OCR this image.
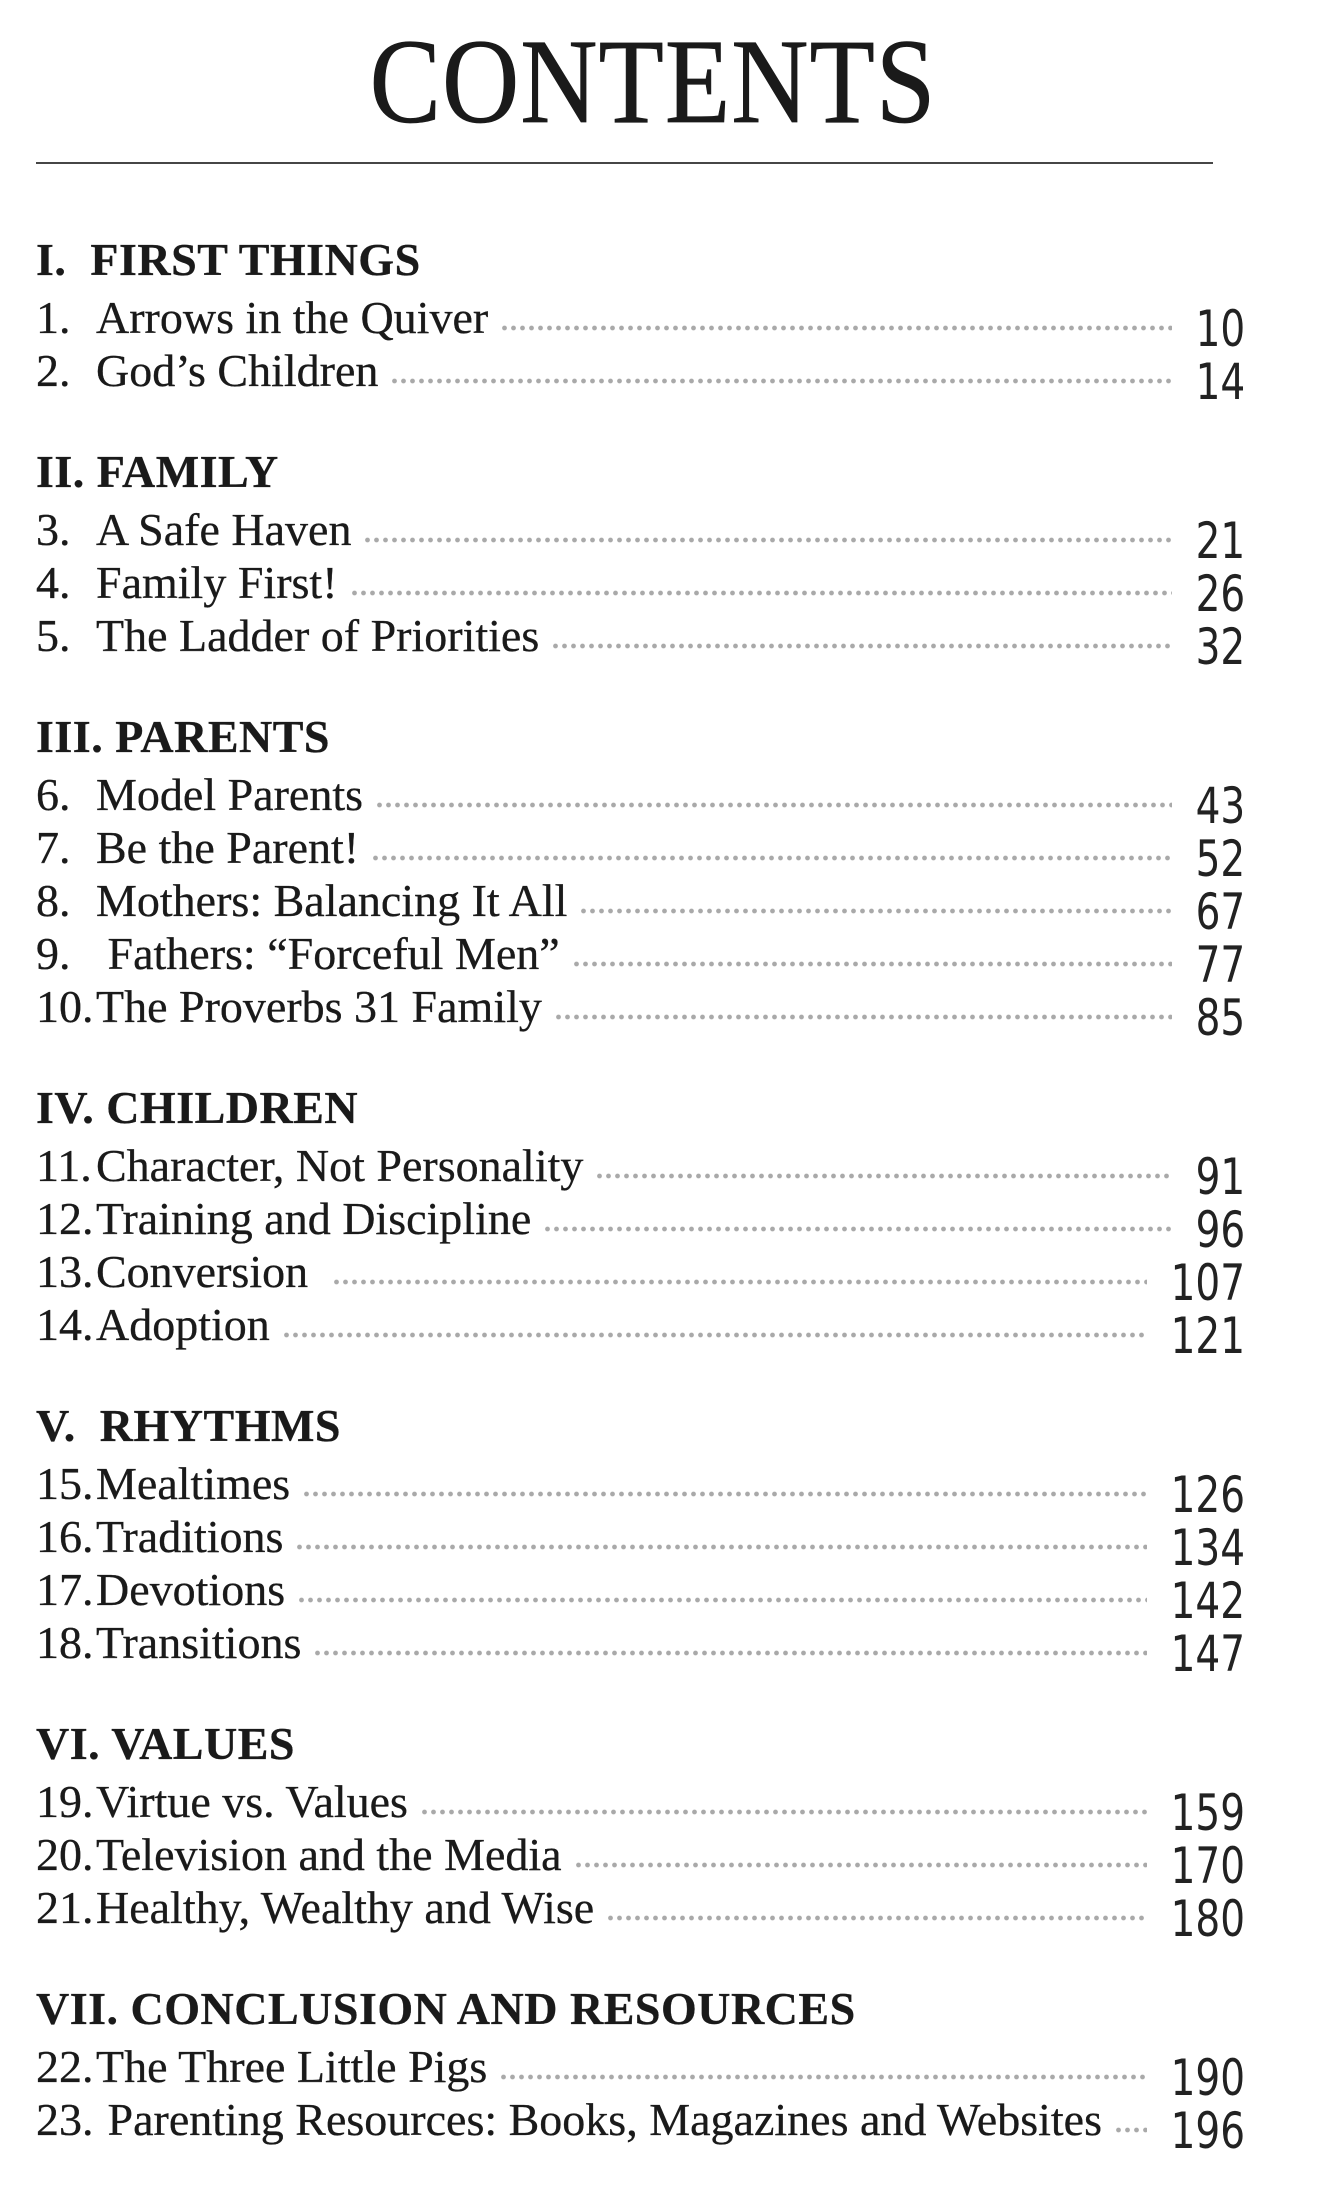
CONTENTS
I.  FIRST THINGS
1. Arrows in the Quiver	10
2. God’s Children	14
II. FAMILY
3. A Safe Haven	21
4. Family First!	26
5. The Ladder of Priorities	32
III. PARENTS
6. Model Parents	43
7. Be the Parent!	52
8. Mothers: Balancing It All	67
9. Fathers: “Forceful Men”	77
10. The Proverbs 31 Family	85
IV. CHILDREN
11. Character, Not Personality	91
12. Training and Discipline	96
13. Conversion	107
14. Adoption	121
V.  RHYTHMS
15. Mealtimes	126
16. Traditions	134
17. Devotions	142
18. Transitions	147
VI. VALUES
19. Virtue vs. Values	159
20. Television and the Media	170
21. Healthy, Wealthy and Wise	180
VII. CONCLUSION AND RESOURCES
22. The Three Little Pigs	190
23. Parenting Resources: Books, Magazines and Websites	196
